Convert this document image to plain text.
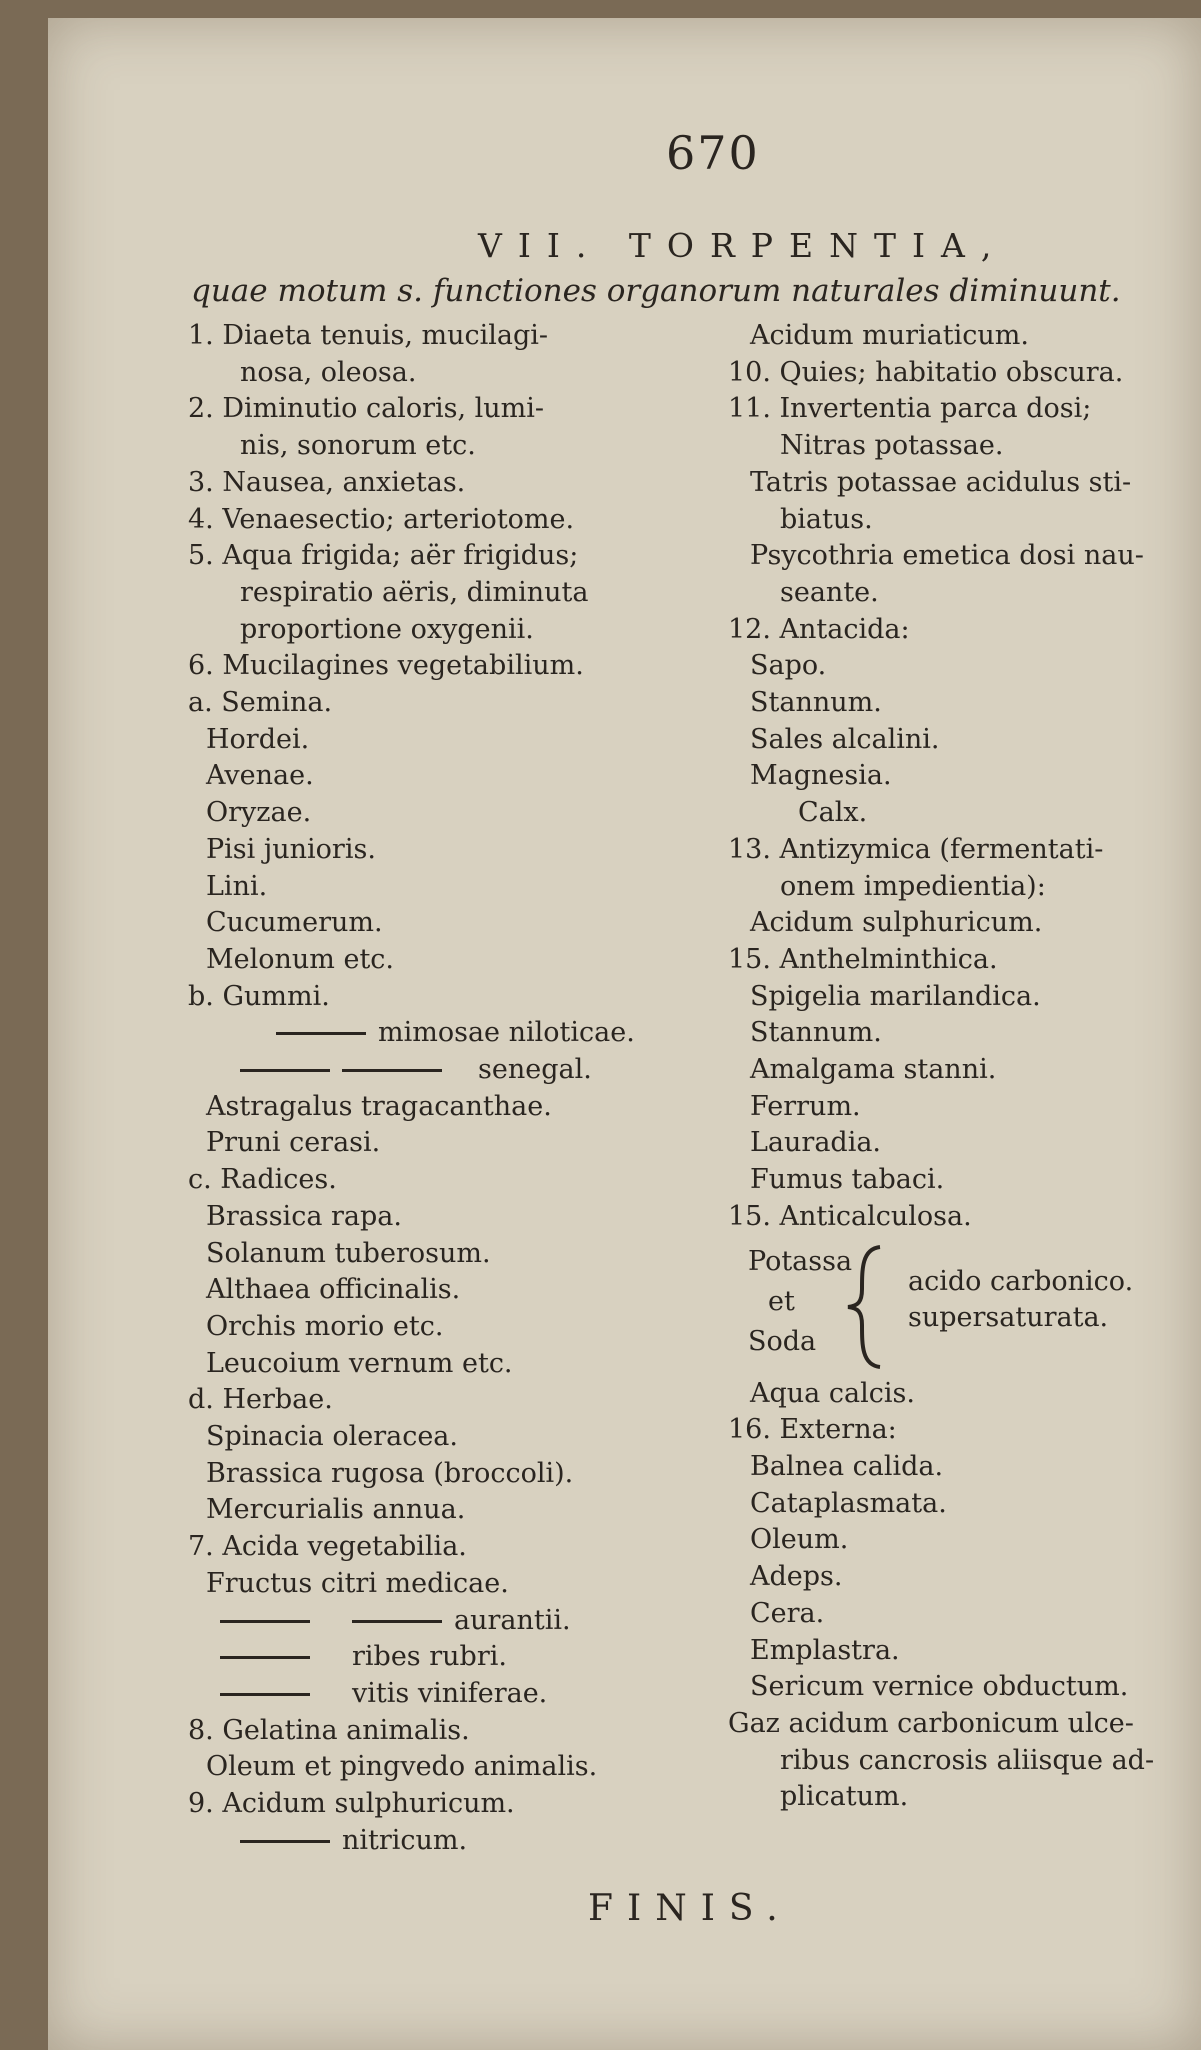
670
VII. TORPENTIA,
quae motum s. functiones organorum naturales diminuunt.

1. Diaeta tenuis, mucilagi-

nosa, oleosa.

2. Diminutio caloris, lumi-

nis, sonorum etc.

3. Nausea, anxietas.

4. Venaesectio; arteriotome.

5. Aqua frigida; aër frigidus;

respiratio aëris, diminuta

proportione oxygenii.

6. Mucilagines vegetabilium.

a. Semina.

Hordei.

Avenae.

Oryzae.

Pisi junioris.

Lini.

Cucumerum.

Melonum etc.

b. Gummi.

mimosae niloticae.
senegal.

Astragalus tragacanthae.

Pruni cerasi.

c. Radices.

Brassica rapa.

Solanum tuberosum.

Althaea officinalis.

Orchis morio etc.

Leucoium vernum etc.

d. Herbae.

Spinacia oleracea.

Brassica rugosa (broccoli).

Mercurialis annua.

7. Acida vegetabilia.

Fructus citri medicae.

aurantii.
ribes rubri.
vitis viniferae.

8. Gelatina animalis.

Oleum et pingvedo animalis.

9. Acidum sulphuricum.

nitricum.

Acidum muriaticum.

10. Quies; habitatio obscura.

11. Invertentia parca dosi;

Nitras potassae.

Tatris potassae acidulus sti-

biatus.

Psycothria emetica dosi nau-

seante.

12. Antacida:

Sapo.

Stannum.

Sales alcalini.

Magnesia.

Calx.

13. Antizymica (fermentati-

onem impedientia):

Acidum sulphuricum.

15. Anthelminthica.

Spigelia marilandica.

Stannum.

Amalgama stanni.

Ferrum.

Lauradia.

Fumus tabaci.

15. Anticalculosa.

Potassa
et
Soda
acido carbonico.
supersaturata.

Aqua calcis.

16. Externa:

Balnea calida.

Cataplasmata.

Oleum.

Adeps.

Cera.

Emplastra.

Sericum vernice obductum.

Gaz acidum carbonicum ulce-

ribus cancrosis aliisque ad-

plicatum.

FINIS.
